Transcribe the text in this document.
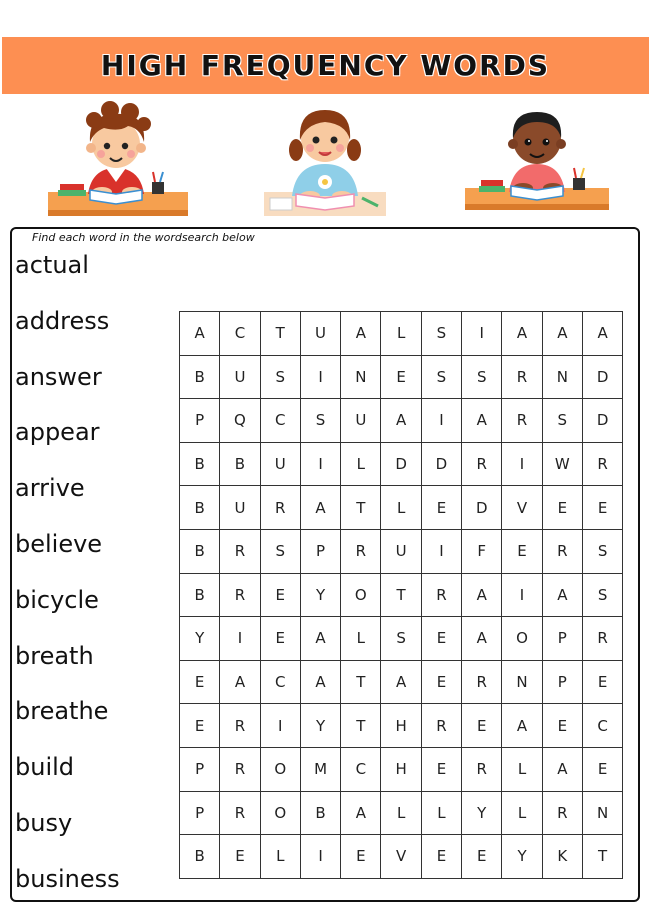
HIGH FREQUENCY WORDS
Find each word in the wordsearch below
actual
address
answer
appear
arrive
believe
bicycle
breath
breathe
build
busy
business
A	C	T	U	A	L	S	I	A	A	A
B	U	S	I	N	E	S	S	R	N	D
P	Q	C	S	U	A	I	A	R	S	D
B	B	U	I	L	D	D	R	I	W	R
B	U	R	A	T	L	E	D	V	E	E
B	R	S	P	R	U	I	F	E	R	S
B	R	E	Y	O	T	R	A	I	A	S
Y	I	E	A	L	S	E	A	O	P	R
E	A	C	A	T	A	E	R	N	P	E
E	R	I	Y	T	H	R	E	A	E	C
P	R	O	M	C	H	E	R	L	A	E
P	R	O	B	A	L	L	Y	L	R	N
B	E	L	I	E	V	E	E	Y	K	T
